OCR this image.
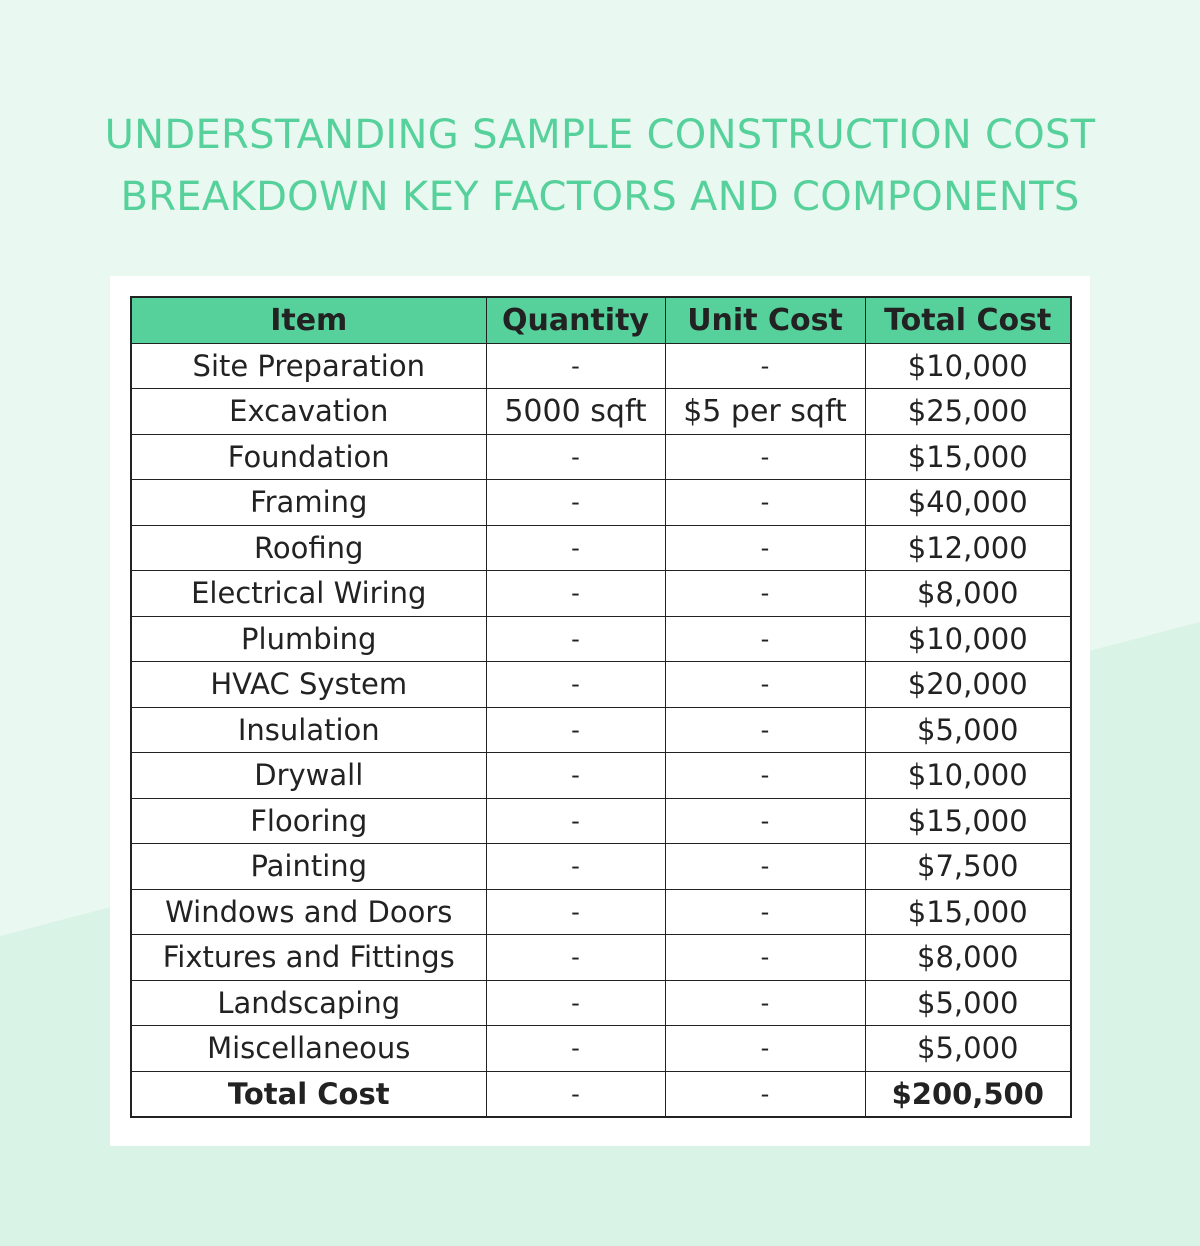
UNDERSTANDING SAMPLE CONSTRUCTION COST
BREAKDOWN KEY FACTORS AND COMPONENTS
Item	Quantity	Unit Cost	Total Cost
Site Preparation	-	-	$10,000
Excavation	5000 sqft	$5 per sqft	$25,000
Foundation	-	-	$15,000
Framing	-	-	$40,000
Roofing	-	-	$12,000
Electrical Wiring	-	-	$8,000
Plumbing	-	-	$10,000
HVAC System	-	-	$20,000
Insulation	-	-	$5,000
Drywall	-	-	$10,000
Flooring	-	-	$15,000
Painting	-	-	$7,500
Windows and Doors	-	-	$15,000
Fixtures and Fittings	-	-	$8,000
Landscaping	-	-	$5,000
Miscellaneous	-	-	$5,000
Total Cost	-	-	$200,500
